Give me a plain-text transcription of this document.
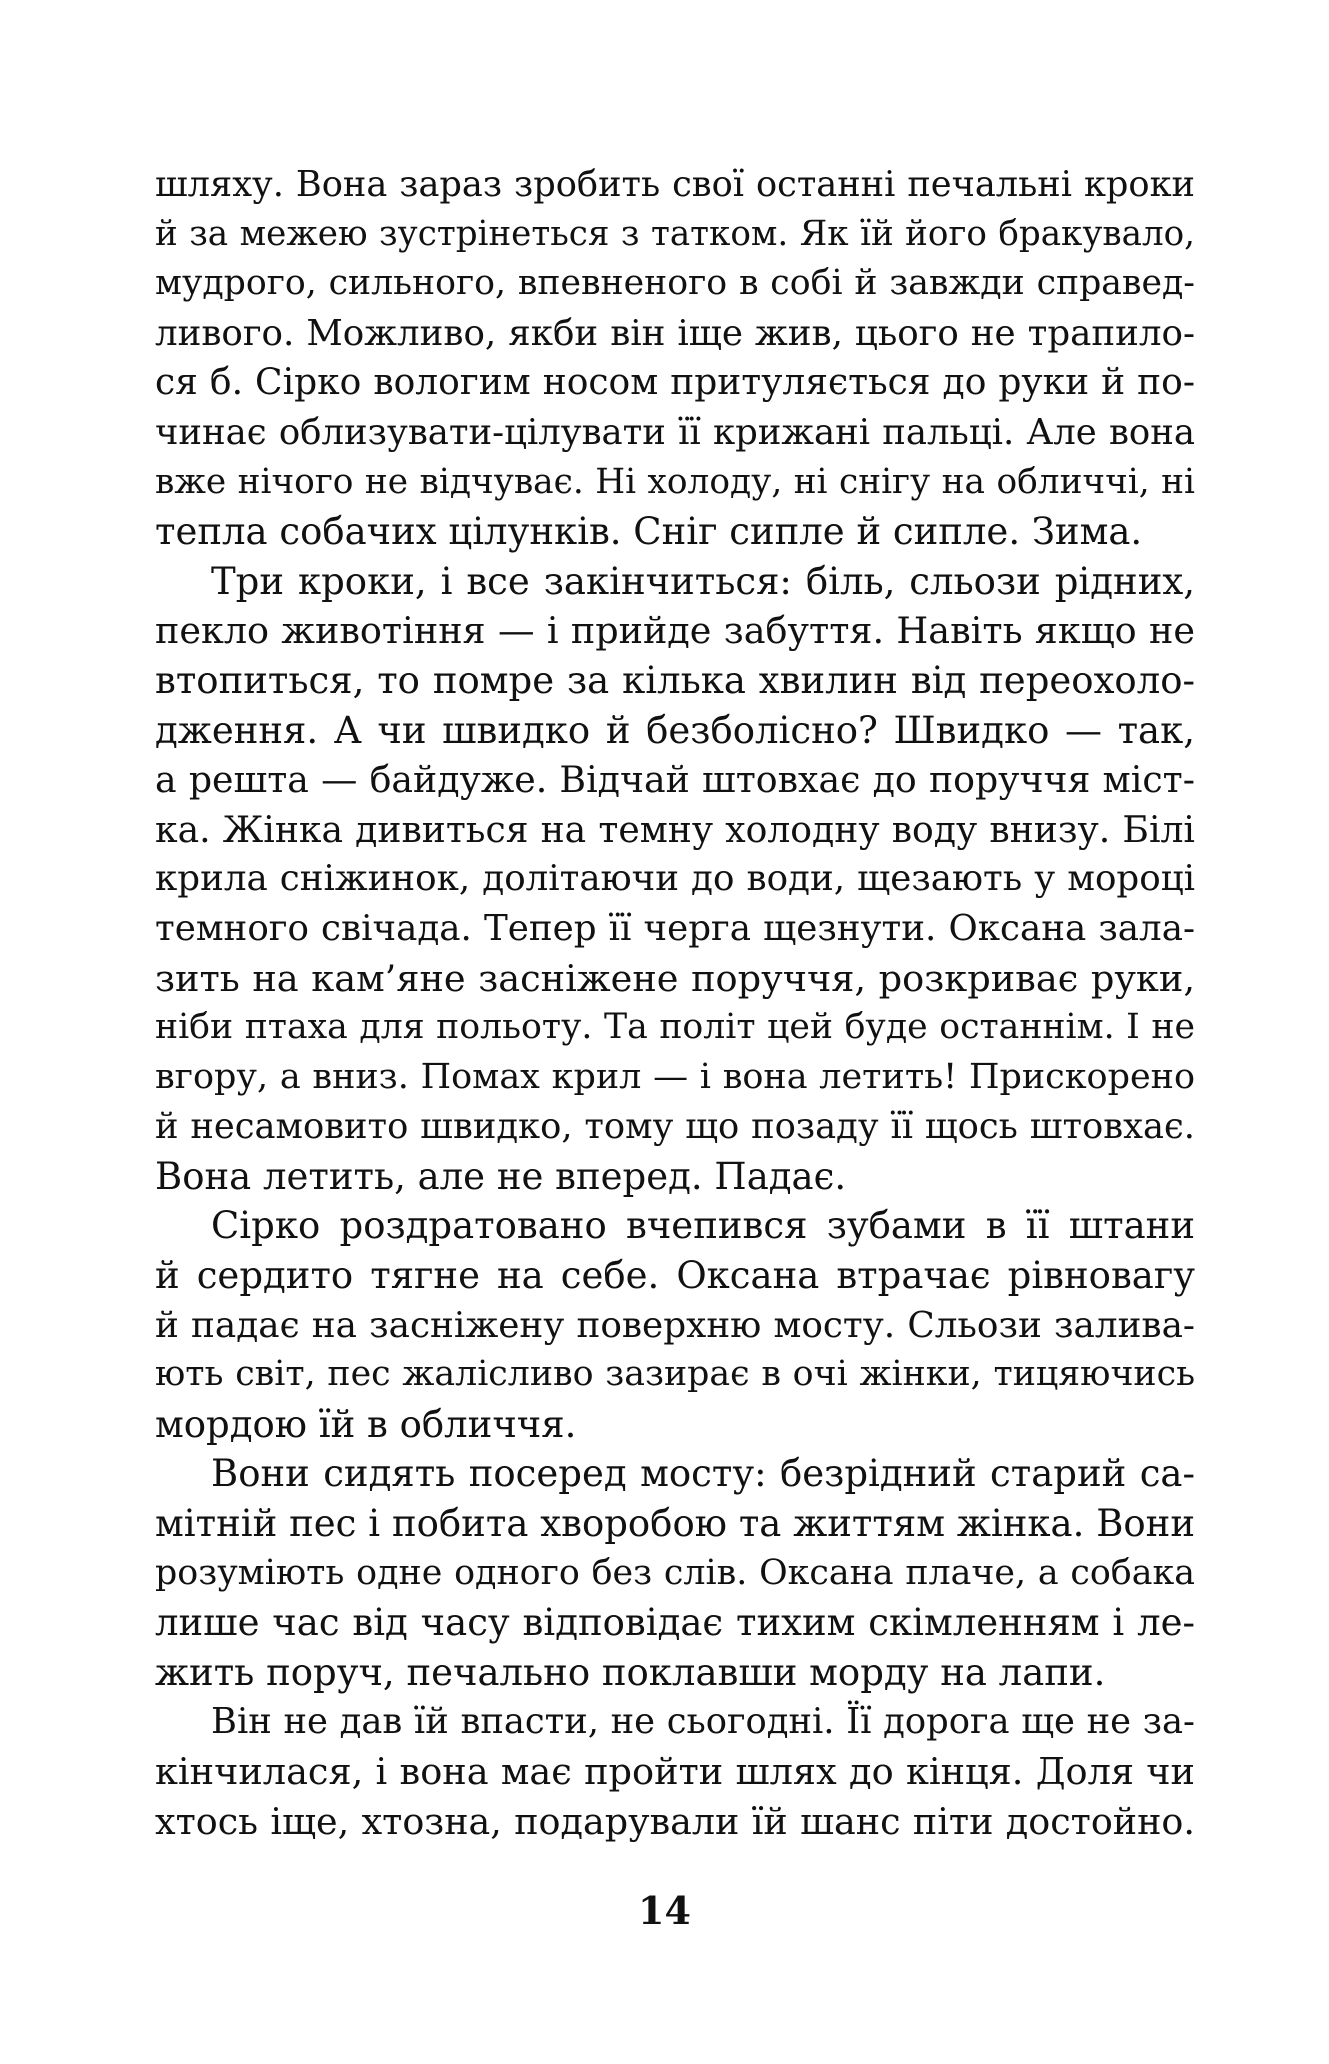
шляху. Вона зараз зробить свої останні печальні кроки
й за межею зустрінеться з татком. Як їй його бракувало,
мудрого, сильного, впевненого в собі й завжди справед-
ливого. Можливо, якби він іще жив, цього не трапило-
ся б. Сірко вологим носом притуляється до руки й по-
чинає облизувати-цілувати її крижані пальці. Але вона
вже нічого не відчуває. Ні холоду, ні снігу на обличчі, ні
тепла собачих цілунків. Сніг сипле й сипле. Зима.
Три кроки, і все закінчиться: біль, сльози рідних,
пекло животіння — і прийде забуття. Навіть якщо не
втопиться, то помре за кілька хвилин від переохоло-
дження. А чи швидко й безболісно? Швидко — так,
а решта — байдуже. Відчай штовхає до поруччя міст-
ка. Жінка дивиться на темну холодну воду внизу. Білі
крила сніжинок, долітаючи до води, щезають у мороці
темного свічада. Тепер її черга щезнути. Оксана зала-
зить на кам’яне засніжене поруччя, розкриває руки,
ніби птаха для польоту. Та політ цей буде останнім. І не
вгору, а вниз. Помах крил — і вона летить! Прискорено
й несамовито швидко, тому що позаду її щось штовхає.
Вона летить, але не вперед. Падає.
Сірко роздратовано вчепився зубами в її штани
й сердито тягне на себе. Оксана втрачає рівновагу
й падає на засніжену поверхню мосту. Сльози залива-
ють світ, пес жалісливо зазирає в очі жінки, тицяючись
мордою їй в обличчя.
Вони сидять посеред мосту: безрідний старий са-
мітній пес і побита хворобою та життям жінка. Вони
розуміють одне одного без слів. Оксана плаче, а собака
лише час від часу відповідає тихим скімленням і ле-
жить поруч, печально поклавши морду на лапи.
Він не дав їй впасти, не сьогодні. Її дорога ще не за-
кінчилася, і вона має пройти шлях до кінця. Доля чи
хтось іще, хтозна, подарували їй шанс піти достойно.
14
